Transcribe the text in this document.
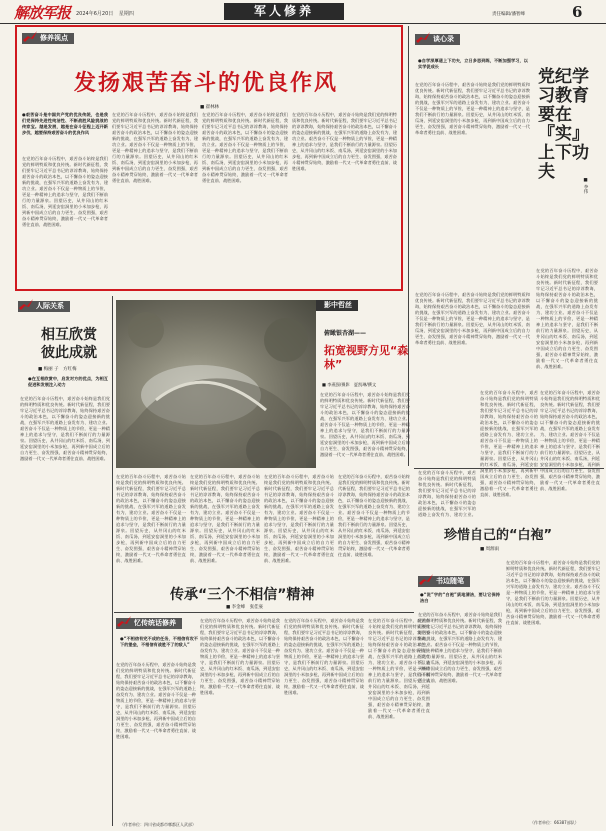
解放军报 2024年6月20日 星期四	军人修养	责任编辑/潘智峰	6
修养视点
发扬艰苦奋斗的优良作风
■ 翟林林
●艰苦奋斗是中国共产党的优良传统，也是我们党保持先进性纯洁性、不断战胜风险挑战的传家宝。越是发展，越是在奋斗征程上迈开新步伐，越要保持艰苦奋斗的优良作风
在党的百年奋斗历程中，艰苦奋斗始终是我们党的鲜明特质和优良传统。新时代新征程，我们要牢记习近平总书记的谆谆教诲，始终保持艰苦奋斗的政治本色，以不懈奋斗的姿态迎接新的挑战，在强军兴军的道路上奋发有为、建功立业。艰苦奋斗不仅是一种物质上的节俭，更是一种精神上的追求与坚守，是我们不断前行的力量源泉。回望历史，从井冈山的红米饭、南瓜汤，到延安窑洞里的小米加步枪，再到新中国成立后的自力更生、奋发图强，艰苦奋斗精神贯穿始终，激励着一代又一代革命者勇往直前、战胜困难。
在党的百年奋斗历程中，艰苦奋斗始终是我们党的鲜明特质和优良传统。新时代新征程，我们要牢记习近平总书记的谆谆教诲，始终保持艰苦奋斗的政治本色，以不懈奋斗的姿态迎接新的挑战，在强军兴军的道路上奋发有为、建功立业。艰苦奋斗不仅是一种物质上的节俭，更是一种精神上的追求与坚守，是我们不断前行的力量源泉。回望历史，从井冈山的红米饭、南瓜汤，到延安窑洞里的小米加步枪，再到新中国成立后的自力更生、奋发图强，艰苦奋斗精神贯穿始终，激励着一代又一代革命者勇往直前、战胜困难。
在党的百年奋斗历程中，艰苦奋斗始终是我们党的鲜明特质和优良传统。新时代新征程，我们要牢记习近平总书记的谆谆教诲，始终保持艰苦奋斗的政治本色，以不懈奋斗的姿态迎接新的挑战，在强军兴军的道路上奋发有为、建功立业。艰苦奋斗不仅是一种物质上的节俭，更是一种精神上的追求与坚守，是我们不断前行的力量源泉。回望历史，从井冈山的红米饭、南瓜汤，到延安窑洞里的小米加步枪，再到新中国成立后的自力更生、奋发图强，艰苦奋斗精神贯穿始终，激励着一代又一代革命者勇往直前、战胜困难。
在党的百年奋斗历程中，艰苦奋斗始终是我们党的鲜明特质和优良传统。新时代新征程，我们要牢记习近平总书记的谆谆教诲，始终保持艰苦奋斗的政治本色，以不懈奋斗的姿态迎接新的挑战，在强军兴军的道路上奋发有为、建功立业。艰苦奋斗不仅是一种物质上的节俭，更是一种精神上的追求与坚守，是我们不断前行的力量源泉。回望历史，从井冈山的红米饭、南瓜汤，到延安窑洞里的小米加步枪，再到新中国成立后的自力更生、奋发图强，艰苦奋斗精神贯穿始终，激励着一代又一代革命者勇往直前、战胜困难。
谈心录
●自学深厚道上下功夫，立日多思到练，不断加强学习，以实学促成长
在党的百年奋斗历程中，艰苦奋斗始终是我们党的鲜明特质和优良传统。新时代新征程，我们要牢记习近平总书记的谆谆教诲，始终保持艰苦奋斗的政治本色，以不懈奋斗的姿态迎接新的挑战，在强军兴军的道路上奋发有为、建功立业。艰苦奋斗不仅是一种物质上的节俭，更是一种精神上的追求与坚守，是我们不断前行的力量源泉。回望历史，从井冈山的红米饭、南瓜汤，到延安窑洞里的小米加步枪，再到新中国成立后的自力更生、奋发图强，艰苦奋斗精神贯穿始终，激励着一代又一代革命者勇往直前、战胜困难。
在党的百年奋斗历程中，艰苦奋斗始终是我们党的鲜明特质和优良传统。新时代新征程，我们要牢记习近平总书记的谆谆教诲，始终保持艰苦奋斗的政治本色，以不懈奋斗的姿态迎接新的挑战，在强军兴军的道路上奋发有为、建功立业。艰苦奋斗不仅是一种物质上的节俭，更是一种精神上的追求与坚守，是我们不断前行的力量源泉。回望历史，从井冈山的红米饭、南瓜汤，到延安窑洞里的小米加步枪，再到新中国成立后的自力更生、奋发图强，艰苦奋斗精神贯穿始终，激励着一代又一代革命者勇往直前、战胜困难。
党纪学习教育要在『实』上下功夫
■ 李伟
在党的百年奋斗历程中，艰苦奋斗始终是我们党的鲜明特质和优良传统。新时代新征程，我们要牢记习近平总书记的谆谆教诲，始终保持艰苦奋斗的政治本色，以不懈奋斗的姿态迎接新的挑战，在强军兴军的道路上奋发有为、建功立业。艰苦奋斗不仅是一种物质上的节俭，更是一种精神上的追求与坚守，是我们不断前行的力量源泉。回望历史，从井冈山的红米饭、南瓜汤，到延安窑洞里的小米加步枪，再到新中国成立后的自力更生、奋发图强，艰苦奋斗精神贯穿始终，激励着一代又一代革命者勇往直前、战胜困难。
影中哲丝
俯瞰银杏湖——
拓宽视野方见“森林”
■ 李燕强/摄影　夏凯琳/撰文
在党的百年奋斗历程中，艰苦奋斗始终是我们党的鲜明特质和优良传统。新时代新征程，我们要牢记习近平总书记的谆谆教诲，始终保持艰苦奋斗的政治本色，以不懈奋斗的姿态迎接新的挑战，在强军兴军的道路上奋发有为、建功立业。艰苦奋斗不仅是一种物质上的节俭，更是一种精神上的追求与坚守，是我们不断前行的力量源泉。回望历史，从井冈山的红米饭、南瓜汤，到延安窑洞里的小米加步枪，再到新中国成立后的自力更生、奋发图强，艰苦奋斗精神贯穿始终，激励着一代又一代革命者勇往直前、战胜困难。
人际关系
相互欣赏
彼此成就
■ 梅丽 子　方红梅
●在互相欣赏中，启发对方的优点，为相互促进和发展注入动力
在党的百年奋斗历程中，艰苦奋斗始终是我们党的鲜明特质和优良传统。新时代新征程，我们要牢记习近平总书记的谆谆教诲，始终保持艰苦奋斗的政治本色，以不懈奋斗的姿态迎接新的挑战，在强军兴军的道路上奋发有为、建功立业。艰苦奋斗不仅是一种物质上的节俭，更是一种精神上的追求与坚守，是我们不断前行的力量源泉。回望历史，从井冈山的红米饭、南瓜汤，到延安窑洞里的小米加步枪，再到新中国成立后的自力更生、奋发图强，艰苦奋斗精神贯穿始终，激励着一代又一代革命者勇往直前、战胜困难。
传承“三个不相信”精神
■ 李金峰　张佳豪
在党的百年奋斗历程中，艰苦奋斗始终是我们党的鲜明特质和优良传统。新时代新征程，我们要牢记习近平总书记的谆谆教诲，始终保持艰苦奋斗的政治本色，以不懈奋斗的姿态迎接新的挑战，在强军兴军的道路上奋发有为、建功立业。艰苦奋斗不仅是一种物质上的节俭，更是一种精神上的追求与坚守，是我们不断前行的力量源泉。回望历史，从井冈山的红米饭、南瓜汤，到延安窑洞里的小米加步枪，再到新中国成立后的自力更生、奋发图强，艰苦奋斗精神贯穿始终，激励着一代又一代革命者勇往直前、战胜困难。
在党的百年奋斗历程中，艰苦奋斗始终是我们党的鲜明特质和优良传统。新时代新征程，我们要牢记习近平总书记的谆谆教诲，始终保持艰苦奋斗的政治本色，以不懈奋斗的姿态迎接新的挑战，在强军兴军的道路上奋发有为、建功立业。艰苦奋斗不仅是一种物质上的节俭，更是一种精神上的追求与坚守，是我们不断前行的力量源泉。回望历史，从井冈山的红米饭、南瓜汤，到延安窑洞里的小米加步枪，再到新中国成立后的自力更生、奋发图强，艰苦奋斗精神贯穿始终，激励着一代又一代革命者勇往直前、战胜困难。
在党的百年奋斗历程中，艰苦奋斗始终是我们党的鲜明特质和优良传统。新时代新征程，我们要牢记习近平总书记的谆谆教诲，始终保持艰苦奋斗的政治本色，以不懈奋斗的姿态迎接新的挑战，在强军兴军的道路上奋发有为、建功立业。艰苦奋斗不仅是一种物质上的节俭，更是一种精神上的追求与坚守，是我们不断前行的力量源泉。回望历史，从井冈山的红米饭、南瓜汤，到延安窑洞里的小米加步枪，再到新中国成立后的自力更生、奋发图强，艰苦奋斗精神贯穿始终，激励着一代又一代革命者勇往直前、战胜困难。
在党的百年奋斗历程中，艰苦奋斗始终是我们党的鲜明特质和优良传统。新时代新征程，我们要牢记习近平总书记的谆谆教诲，始终保持艰苦奋斗的政治本色，以不懈奋斗的姿态迎接新的挑战，在强军兴军的道路上奋发有为、建功立业。艰苦奋斗不仅是一种物质上的节俭，更是一种精神上的追求与坚守，是我们不断前行的力量源泉。回望历史，从井冈山的红米饭、南瓜汤，到延安窑洞里的小米加步枪，再到新中国成立后的自力更生、奋发图强，艰苦奋斗精神贯穿始终，激励着一代又一代革命者勇往直前、战胜困难。
忆传统话修养
●“不相信有完不成的任务，不相信有攻不下的堡垒，不相信有战胜不了的敌人”
在党的百年奋斗历程中，艰苦奋斗始终是我们党的鲜明特质和优良传统。新时代新征程，我们要牢记习近平总书记的谆谆教诲，始终保持艰苦奋斗的政治本色，以不懈奋斗的姿态迎接新的挑战，在强军兴军的道路上奋发有为、建功立业。艰苦奋斗不仅是一种物质上的节俭，更是一种精神上的追求与坚守，是我们不断前行的力量源泉。回望历史，从井冈山的红米饭、南瓜汤，到延安窑洞里的小米加步枪，再到新中国成立后的自力更生、奋发图强，艰苦奋斗精神贯穿始终，激励着一代又一代革命者勇往直前、战胜困难。
在党的百年奋斗历程中，艰苦奋斗始终是我们党的鲜明特质和优良传统。新时代新征程，我们要牢记习近平总书记的谆谆教诲，始终保持艰苦奋斗的政治本色，以不懈奋斗的姿态迎接新的挑战，在强军兴军的道路上奋发有为、建功立业。艰苦奋斗不仅是一种物质上的节俭，更是一种精神上的追求与坚守，是我们不断前行的力量源泉。回望历史，从井冈山的红米饭、南瓜汤，到延安窑洞里的小米加步枪，再到新中国成立后的自力更生、奋发图强，艰苦奋斗精神贯穿始终，激励着一代又一代革命者勇往直前、战胜困难。
在党的百年奋斗历程中，艰苦奋斗始终是我们党的鲜明特质和优良传统。新时代新征程，我们要牢记习近平总书记的谆谆教诲，始终保持艰苦奋斗的政治本色，以不懈奋斗的姿态迎接新的挑战，在强军兴军的道路上奋发有为、建功立业。艰苦奋斗不仅是一种物质上的节俭，更是一种精神上的追求与坚守，是我们不断前行的力量源泉。回望历史，从井冈山的红米饭、南瓜汤，到延安窑洞里的小米加步枪，再到新中国成立后的自力更生、奋发图强，艰苦奋斗精神贯穿始终，激励着一代又一代革命者勇往直前、战胜困难。
在党的百年奋斗历程中，艰苦奋斗始终是我们党的鲜明特质和优良传统。新时代新征程，我们要牢记习近平总书记的谆谆教诲，始终保持艰苦奋斗的政治本色，以不懈奋斗的姿态迎接新的挑战，在强军兴军的道路上奋发有为、建功立业。艰苦奋斗不仅是一种物质上的节俭，更是一种精神上的追求与坚守，是我们不断前行的力量源泉。回望历史，从井冈山的红米饭、南瓜汤，到延安窑洞里的小米加步枪，再到新中国成立后的自力更生、奋发图强，艰苦奋斗精神贯穿始终，激励着一代又一代革命者勇往直前、战胜困难。
（作者单位：四川省成都市郫都区人武部）
珍惜自己的“白袍”
■ 周源雨
在党的百年奋斗历程中，艰苦奋斗始终是我们党的鲜明特质和优良传统。新时代新征程，我们要牢记习近平总书记的谆谆教诲，始终保持艰苦奋斗的政治本色，以不懈奋斗的姿态迎接新的挑战，在强军兴军的道路上奋发有为、建功立业。
在党的百年奋斗历程中，艰苦奋斗始终是我们党的鲜明特质和优良传统。新时代新征程，我们要牢记习近平总书记的谆谆教诲，始终保持艰苦奋斗的政治本色，以不懈奋斗的姿态迎接新的挑战，在强军兴军的道路上奋发有为、建功立业。艰苦奋斗不仅是一种物质上的节俭，更是一种精神上的追求与坚守，是我们不断前行的力量源泉。回望历史，从井冈山的红米饭、南瓜汤，到延安窑洞里的小米加步枪，再到新中国成立后的自力更生、奋发图强，艰苦奋斗精神贯穿始终，激励着一代又一代革命者勇往直前、战胜困难。
在党的百年奋斗历程中，艰苦奋斗始终是我们党的鲜明特质和优良传统。新时代新征程，我们要牢记习近平总书记的谆谆教诲，始终保持艰苦奋斗的政治本色，以不懈奋斗的姿态迎接新的挑战，在强军兴军的道路上奋发有为、建功立业。艰苦奋斗不仅是一种物质上的节俭，更是一种精神上的追求与坚守，是我们不断前行的力量源泉。回望历史，从井冈山的红米饭、南瓜汤，到延安窑洞里的小米加步枪，再到新中国成立后的自力更生、奋发图强，艰苦奋斗精神贯穿始终，激励着一代又一代革命者勇往直前、战胜困难。
书边随笔
●“说”字的“白袍”质地清洁，要让它保持洁白
在党的百年奋斗历程中，艰苦奋斗始终是我们党的鲜明特质和优良传统。新时代新征程，我们要牢记习近平总书记的谆谆教诲，始终保持艰苦奋斗的政治本色，以不懈奋斗的姿态迎接新的挑战，在强军兴军的道路上奋发有为、建功立业。艰苦奋斗不仅是一种物质上的节俭，更是一种精神上的追求与坚守，是我们不断前行的力量源泉。回望历史，从井冈山的红米饭、南瓜汤，到延安窑洞里的小米加步枪，再到新中国成立后的自力更生、奋发图强，艰苦奋斗精神贯穿始终，激励着一代又一代革命者勇往直前、战胜困难。
在党的百年奋斗历程中，艰苦奋斗始终是我们党的鲜明特质和优良传统。新时代新征程，我们要牢记习近平总书记的谆谆教诲，始终保持艰苦奋斗的政治本色，以不懈奋斗的姿态迎接新的挑战，在强军兴军的道路上奋发有为、建功立业。艰苦奋斗不仅是一种物质上的节俭，更是一种精神上的追求与坚守，是我们不断前行的力量源泉。回望历史，从井冈山的红米饭、南瓜汤，到延安窑洞里的小米加步枪，再到新中国成立后的自力更生、奋发图强，艰苦奋斗精神贯穿始终，激励着一代又一代革命者勇往直前、战胜困难。
（作者单位：66387部队）
